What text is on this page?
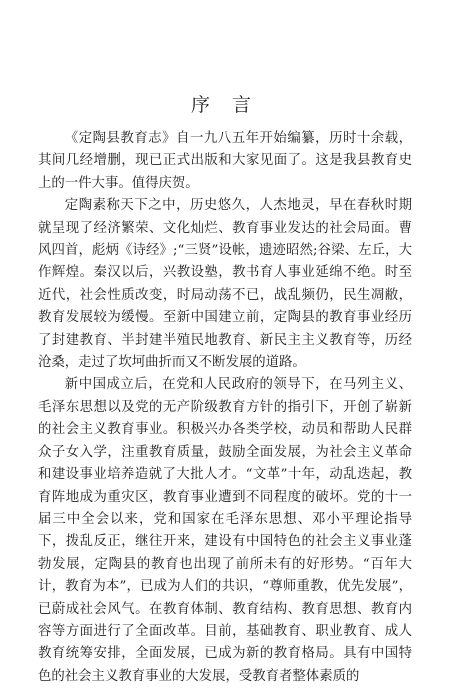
序 言

《定陶县教育志》自一九八五年开始编纂，历时十余载，其间几经增删，现已正式出版和大家见面了。这是我县教育史上的一件大事。值得庆贺。

定陶素称天下之中，历史悠久，人杰地灵，早在春秋时期就呈现了经济繁荣、文化灿烂、教育事业发达的社会局面。曹风四首，彪炳《诗经》;“三贤”设帐，遗迹昭然;谷梁、左丘，大作辉煌。秦汉以后，兴教设塾，教书育人事业延绵不绝。时至近代，社会性质改变，时局动荡不已，战乱频仍，民生凋敝，教育发展较为缓慢。至新中国建立前，定陶县的教育事业经历了封建教育、半封建半殖民地教育、新民主主义教育等，历经沧桑，走过了坎坷曲折而又不断发展的道路。

新中国成立后，在党和人民政府的领导下，在马列主义、毛泽东思想以及党的无产阶级教育方针的指引下，开创了崭新的社会主义教育事业。积极兴办各类学校，动员和帮助人民群众子女入学，注重教育质量，鼓励全面发展，为社会主义革命和建设事业培养造就了大批人才。“文革”十年，动乱迭起，教育阵地成为重灾区，教育事业遭到不同程度的破坏。党的十一届三中全会以来，党和国家在毛泽东思想、邓小平理论指导下，拨乱反正，继往开来，建设有中国特色的社会主义事业蓬勃发展，定陶县的教育也出现了前所未有的好形势。“百年大计，教育为本”，已成为人们的共识，“尊师重教，优先发展”，已蔚成社会风气。在教育体制、教育结构、教育思想、教育内容等方面进行了全面改革。目前，基础教育、职业教育、成人教育统筹安排，全面发展，已成为新的教育格局。具有中国特色的社会主义教育事业的大发展，受教育者整体素质的
